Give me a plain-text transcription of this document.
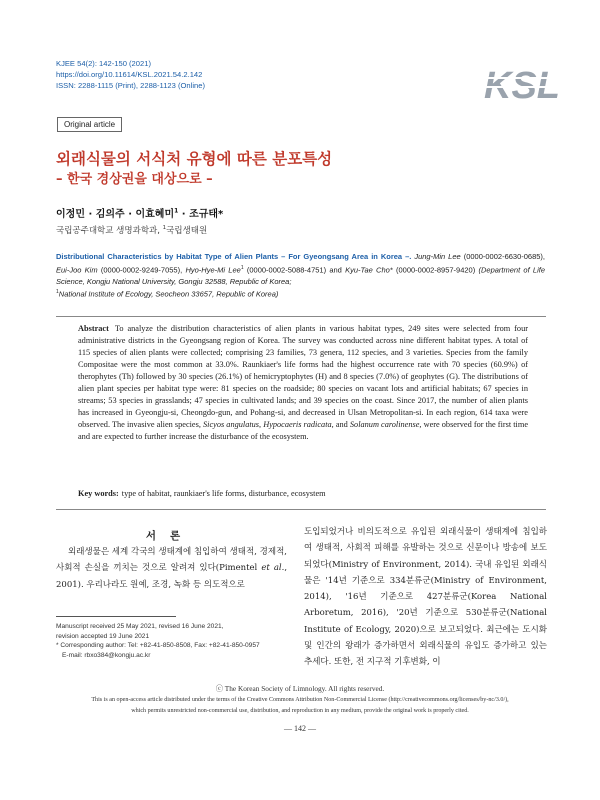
KJEE 54(2): 142-150 (2021)
https://doi.org/10.11614/KSL.2021.54.2.142
ISSN: 2288-1115 (Print), 2288-1123 (Online)	KSL
Original article
외래식물의 서식처 유형에 따른 분포특성
– 한국 경상권을 대상으로 –
이정민 · 김의주 · 이효혜미$^1$ · 조규태*
국립공주대학교 생명과학과, $^1$국립생태원
Distributional Characteristics by Habitat Type of Alien Plants – For Gyeongsang Area in Korea –. Jung-Min Lee (0000-0002-6630-0685), Eui-Joo Kim (0000-0002-9249-7055), Hyo-Hye-Mi Lee$^1$ (0000-0002-5088-4751) and Kyu-Tae Cho* (0000-0002-8957-9420) (Department of Life Science, Kongju National University, Gongju 32588, Republic of Korea;
$^1$National Institute of Ecology, Seocheon 33657, Republic of Korea)
Abstract To analyze the distribution characteristics of alien plants in various habitat types, 249 sites were selected from four administrative districts in the Gyeongsang region of Korea. The survey was conducted across nine different habitat types. A total of 115 species of alien plants were collected; comprising 23 families, 73 genera, 112 species, and 3 varieties. Species from the family Compositae were the most common at 33.0%. Raunkiaer's life forms had the highest occurrence rate with 70 species (60.9%) of therophytes (Th) followed by 30 species (26.1%) of hemicryptophytes (H) and 8 species (7.0%) of geophytes (G). The distributions of alien plant species per habitat type were: 81 species on the roadside; 80 species on vacant lots and artificial habitats; 67 species in streams; 53 species in grasslands; 47 species in cultivated lands; and 39 species on the coast. Since 2017, the number of alien plants has increased in Gyeongju-si, Cheongdo-gun, and Pohang-si, and decreased in Ulsan Metropolitan-si. In each region, 614 taxa were observed. The invasive alien species, Sicyos angulatus, Hypocaeris radicata, and Solanum carolinense, were observed for the first time and are expected to further increase the disturbance of the ecosystem.
Key words: type of habitat, raunkiaer's life forms, disturbance, ecosystem
서론
외래생물은 세계 각국의 생태계에 침입하여 생태적, 경제적, 사회적 손실을 끼치는 것으로 알려져 있다(Pimentel et al., 2001). 우리나라도 원예, 조경, 녹화 등 의도적으로
도입되었거나 비의도적으로 유입된 외래식물이 생태계에 침입하여 생태적, 사회적 피해를 유발하는 것으로 신문이나 방송에 보도되었다(Ministry of Environment, 2014). 국내 유입된 외래식물은 '14년 기준으로 334분류군(Ministry of Environment, 2014), '16년 기준으로 427분류군(Korea National Arboretum, 2016), '20년 기준으로 530분류군(National Institute of Ecology, 2020)으로 보고되었다. 최근에는 도시화 및 인간의 왕래가 증가하면서 외래식물의 유입도 증가하고 있는 추세다. 또한, 전 지구적 기후변화, 이
Manuscript received 25 May 2021, revised 16 June 2021,
revision accepted 19 June 2021
* Corresponding author: Tel: +82-41-850-8508, Fax: +82-41-850-0957
E-mail: rbxo384@kongju.ac.kr
ⓒ The Korean Society of Limnology. All rights reserved.
This is an open-access article distributed under the terms of the Creative Commons Attribution Non-Commercial License (http://creativecommons.org/licenses/by-nc/3.0/),
which permits unrestricted non-commercial use, distribution, and reproduction in any medium, provide the original work is properly cited.
— 142 —
